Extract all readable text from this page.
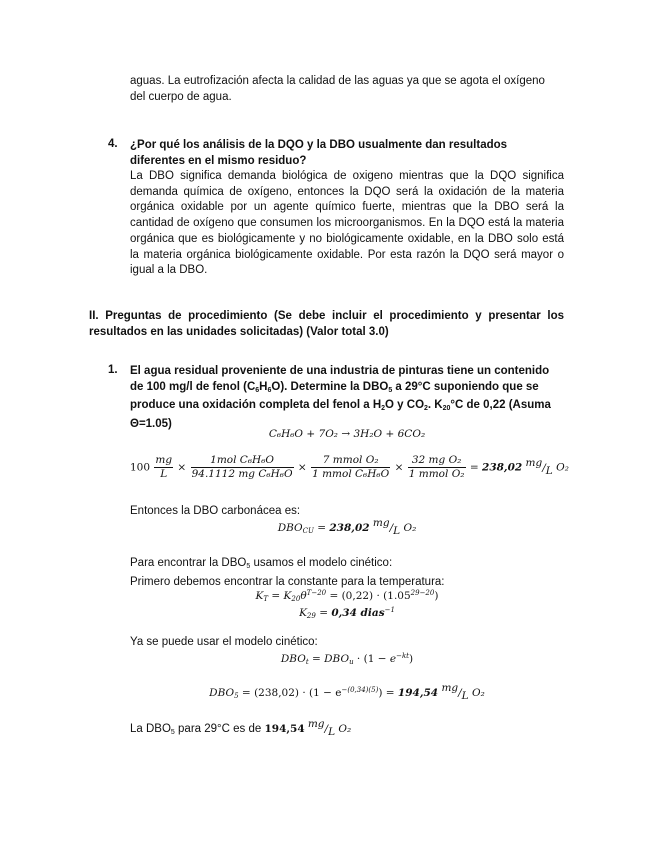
aguas. La eutrofización afecta la calidad de las aguas ya que se agota el oxígeno
del cuerpo de agua.
4. ¿Por qué los análisis de la DQO y la DBO usualmente dan resultados
diferentes en el mismo residuo?
La DBO significa demanda biológica de oxigeno mientras que la DQO significa demanda química de oxígeno, entonces la DQO será la oxidación de la materia orgánica oxidable por un agente químico fuerte, mientras que la DBO será la cantidad de oxígeno que consumen los microorganismos. En la DQO está la materia orgánica que es biológicamente y no biológicamente oxidable, en la DBO solo está la materia orgánica biológicamente oxidable. Por esta razón la DQO será mayor o igual a la DBO.
II. Preguntas de procedimiento (Se debe incluir el procedimiento y presentar los resultados en las unidades solicitadas) (Valor total 3.0)
1. El agua residual proveniente de una industria de pinturas tiene un contenido
de 100 mg/l de fenol $(C_6H_6O)$. Determine la $DBO_5$ a 29°C suponiendo que se
produce una oxidación completa del fenol a $H_2O$ y $CO_2$. $K_{20}^\circ C$ de 0,22 (Asuma
Θ=1.05)
C₆H₆O + 7O₂ → 3H₂O + 6CO₂
$100 \frac{mg}{L} \times \frac{\text{1mol C₆H₆O}}{\text{94.1112 mg C₆H₆O}} \times \frac{\text{7 mmol O₂}}{\text{1 mmol C₆H₆O}} \times \frac{\text{32 mg O₂}}{\text{1 mmol O₂}} = 238,02$ mg/L O₂
Entonces la DBO carbonácea es:
$DBO_{CU} = 238,02$ mg/L O₂
Para encontrar la $DBO_5$ usamos el modelo cinético:
Primero debemos encontrar la constante para la temperatura:
$K_T = K_{20}\theta^{T-20} = (0,22) \cdot (1.05^{29-20})$
$K_{29} = 0,34$ dias$^{-1}$
Ya se puede usar el modelo cinético:
$DBO_t = DBO_u \cdot (1 - e^{-kt})$
$DBO_5 = (238,02) \cdot (1 - e^{-(0,34)(5)}) = 194,54$ mg/L O₂
La $DBO_5$ para 29°C es de 194,54 mg/L O₂
